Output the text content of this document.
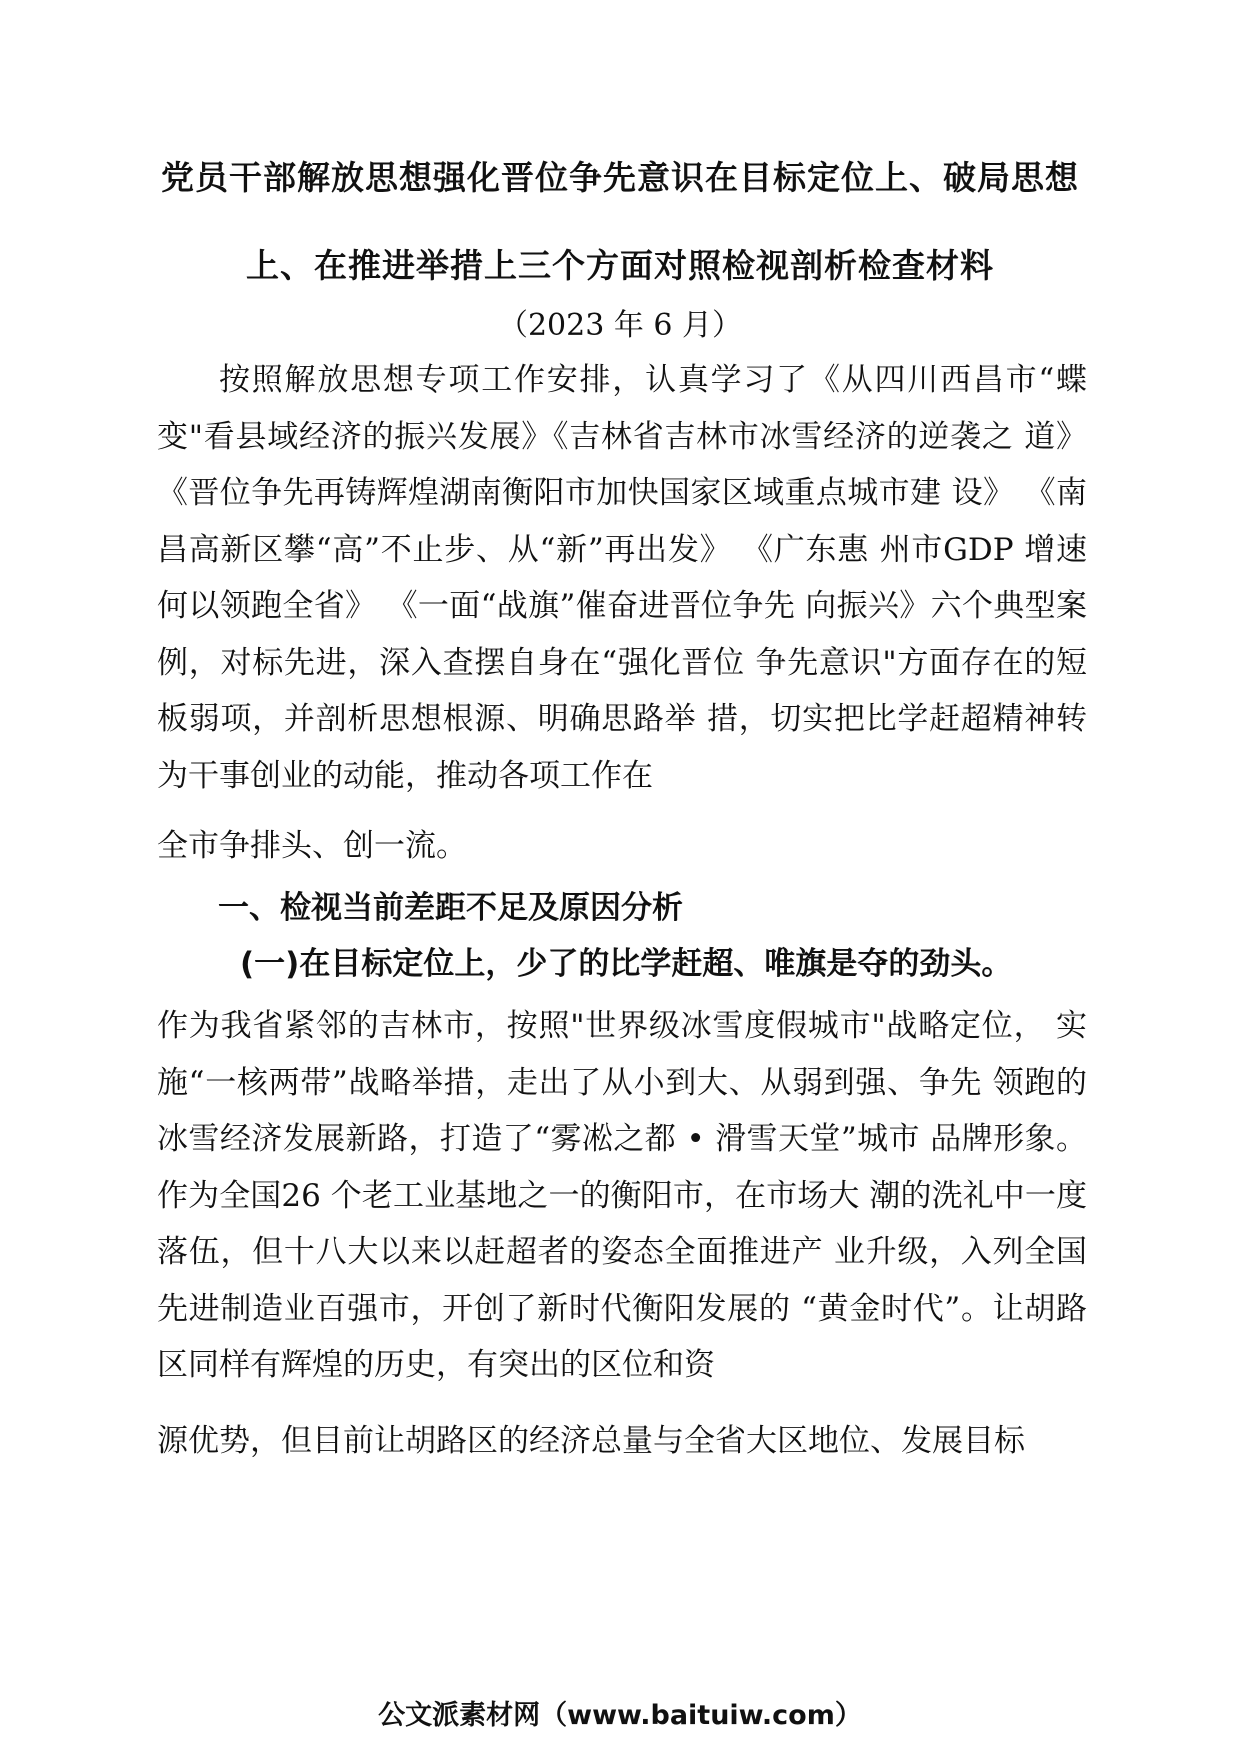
党员干部解放思想强化晋位争先意识在目标定位上、破局思想
上、在推进举措上三个方面对照检视剖析检查材料
（2023 年 6 月）
按照解放思想专项工作安排，认真学习了《从四川西昌市“蝶 变"看县域经济的振兴发展》《吉林省吉林市冰雪经济的逆袭之 道》《晋位争先再铸辉煌湖南衡阳市加快国家区域重点城市建 设》 《南昌高新区攀“高”不止步、从“新”再出发》 《广东惠 州市GDP 增速何以领跑全省》 《一面“战旗”催奋进晋位争先 向振兴》六个典型案例，对标先进，深入查摆自身在“强化晋位 争先意识"方面存在的短板弱项，并剖析思想根源、明确思路举 措，切实把比学赶超精神转为干事创业的动能，推动各项工作在
全市争排头、创一流。
一、检视当前差距不足及原因分析
(一)在目标定位上，少了的比学赶超、唯旗是夺的劲头。
作为我省紧邻的吉林市，按照"世界级冰雪度假城市"战略定位， 实施“一核两带”战略举措，走出了从小到大、从弱到强、争先 领跑的冰雪经济发展新路，打造了“雾凇之都 • 滑雪天堂”城市 品牌形象。作为全国26 个老工业基地之一的衡阳市，在市场大 潮的洗礼中一度落伍，但十八大以来以赶超者的姿态全面推进产 业升级，入列全国先进制造业百强市，开创了新时代衡阳发展的 “黄金时代”。让胡路区同样有辉煌的历史，有突出的区位和资
源优势，但目前让胡路区的经济总量与全省大区地位、发展目标
公文派素材网（www.baituiw.com）
